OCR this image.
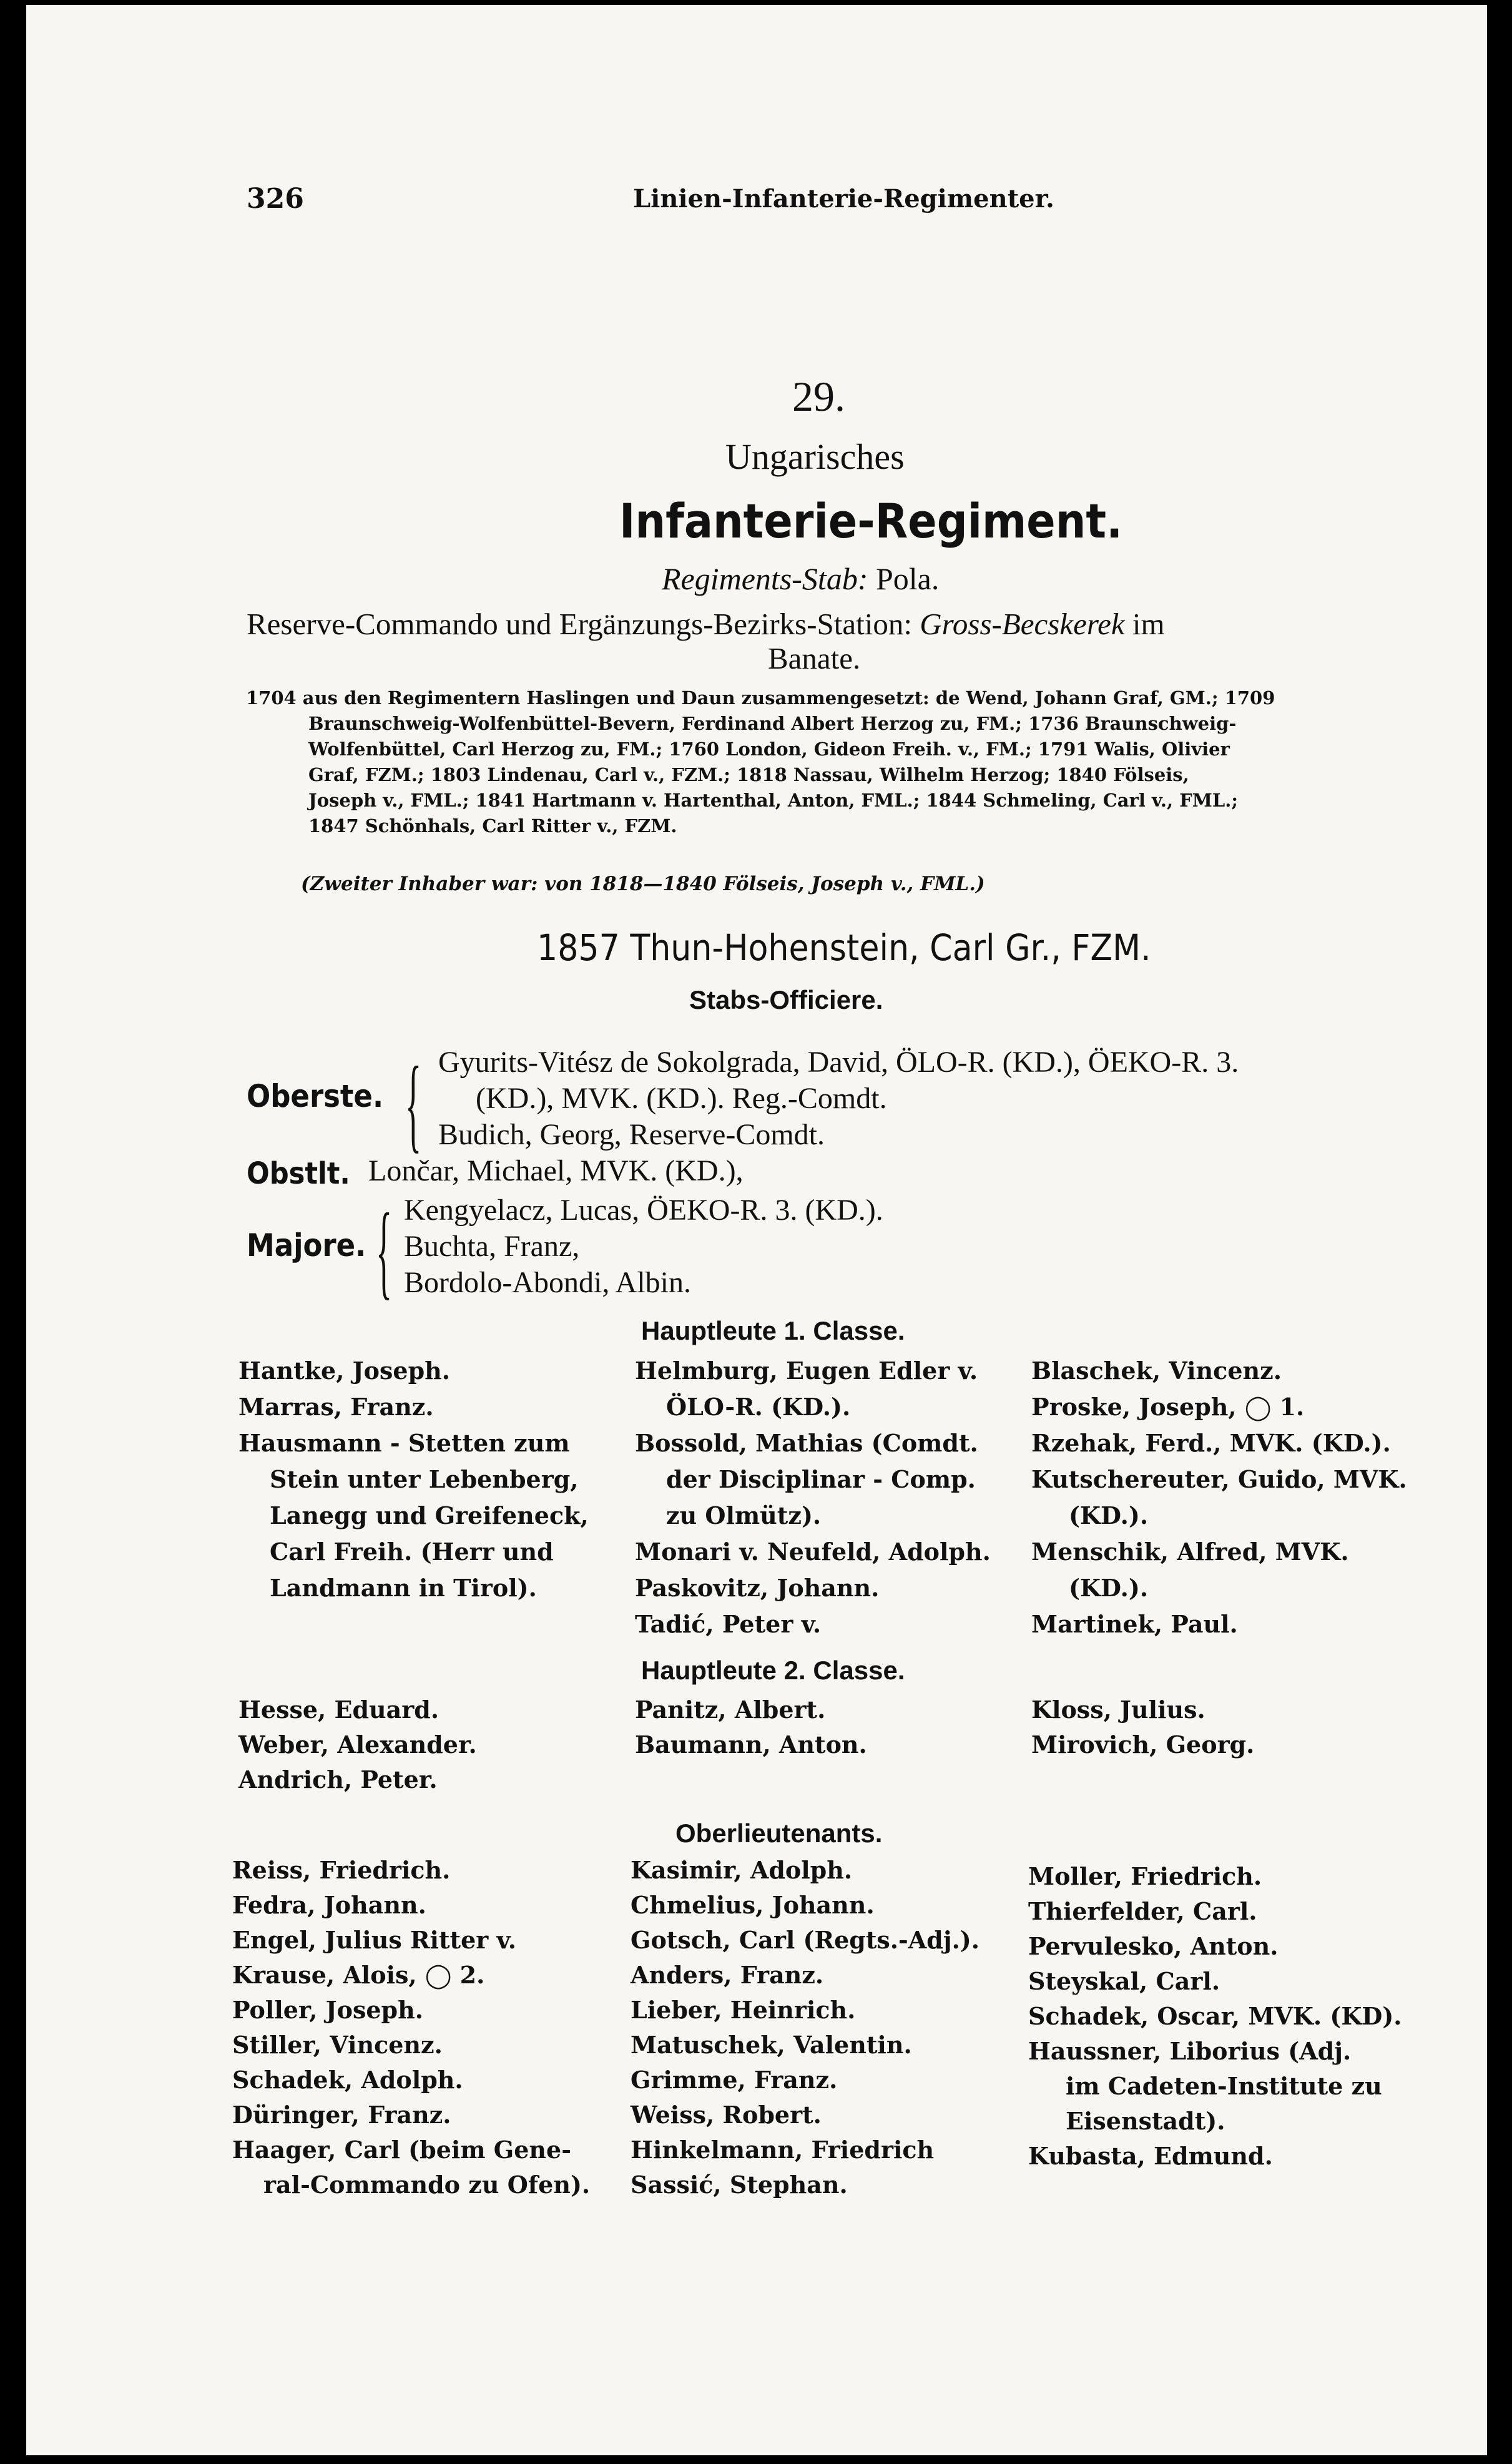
326	Linien-Infanterie-Regimenter.
29.
Ungarisches
Infanterie-Regiment.
Regiments-Stab: Pola.
Reserve-Commando und Ergänzungs-Bezirks-Station: Gross-Becskerek im
Banate.
1704 aus den Regimentern Haslingen und Daun zusammengesetzt: de Wend, Johann Graf, GM.; 1709
Braunschweig-Wolfenbüttel-Bevern, Ferdinand Albert Herzog zu, FM.; 1736 Braunschweig-
Wolfenbüttel, Carl Herzog zu, FM.; 1760 London, Gideon Freih. v., FM.; 1791 Walis, Olivier
Graf, FZM.; 1803 Lindenau, Carl v., FZM.; 1818 Nassau, Wilhelm Herzog; 1840 Fölseis,
Joseph v., FML.; 1841 Hartmann v. Hartenthal, Anton, FML.; 1844 Schmeling, Carl v., FML.;
1847 Schönhals, Carl Ritter v., FZM.
(Zweiter Inhaber war: von 1818—1840 Fölseis, Joseph v., FML.)
1857 Thun-Hohenstein, Carl Gr., FZM.
Stabs-Officiere.
Oberste. { Gyurits-Vitész de Sokolgrada, David, ÖLO-R. (KD.), ÖEKO-R. 3.
(KD.), MVK. (KD.). Reg.-Comdt.
Budich, Georg, Reserve-Comdt.
Obstlt. Lončar, Michael, MVK. (KD.),
Majore. { Kengyelacz, Lucas, ÖEKO-R. 3. (KD.).
Buchta, Franz,
Bordolo-Abondi, Albin.
Hauptleute 1. Classe.
Hantke, Joseph.
Marras, Franz.
Hausmann - Stetten zum
Stein unter Lebenberg,
Lanegg und Greifeneck,
Carl Freih. (Herr und
Landmann in Tirol).
Helmburg, Eugen Edler v.
ÖLO-R. (KD.).
Bossold, Mathias (Comdt.
der Disciplinar - Comp.
zu Olmütz).
Monari v. Neufeld, Adolph.
Paskovitz, Johann.
Tadić, Peter v.
Blaschek, Vincenz.
Proske, Joseph, ◯ 1.
Rzehak, Ferd., MVK. (KD.).
Kutschereuter, Guido, MVK.
(KD.).
Menschik, Alfred, MVK.
(KD.).
Martinek, Paul.
Hauptleute 2. Classe.
Hesse, Eduard.
Weber, Alexander.
Andrich, Peter.
Panitz, Albert.
Baumann, Anton.
Kloss, Julius.
Mirovich, Georg.
Oberlieutenants.
Reiss, Friedrich.
Fedra, Johann.
Engel, Julius Ritter v.
Krause, Alois, ◯ 2.
Poller, Joseph.
Stiller, Vincenz.
Schadek, Adolph.
Düringer, Franz.
Haager, Carl (beim Gene-
ral-Commando zu Ofen).
Kasimir, Adolph.
Chmelius, Johann.
Gotsch, Carl (Regts.-Adj.).
Anders, Franz.
Lieber, Heinrich.
Matuschek, Valentin.
Grimme, Franz.
Weiss, Robert.
Hinkelmann, Friedrich
Sassić, Stephan.
Moller, Friedrich.
Thierfelder, Carl.
Pervulesko, Anton.
Steyskal, Carl.
Schadek, Oscar, MVK. (KD).
Haussner, Liborius (Adj.
im Cadeten-Institute zu
Eisenstadt).
Kubasta, Edmund.
